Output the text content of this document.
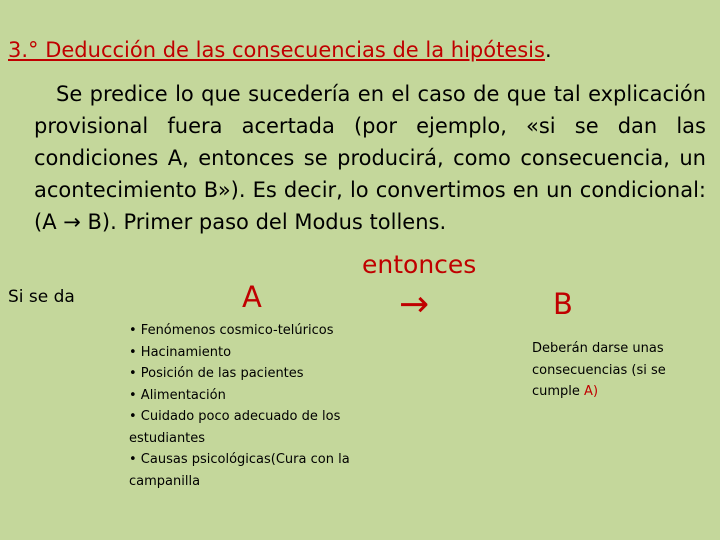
3.° Deducción de las consecuencias de la hipótesis.
Se predice lo que sucedería en el caso de que tal explicación provisional fuera acertada (por ejemplo, «si se dan las condiciones A, entonces se producirá, como consecuencia, un acontecimiento B»). Es decir, lo convertimos en un condicional: (A → B). Primer paso del Modus tollens.
entonces
Si se da	A	→	B

• Fenómenos cosmico-telúricos

• Hacinamiento

• Posición de las pacientes

• Alimentación

• Cuidado poco adecuado de los estudiantes

• Causas psicológicas(Cura con la campanilla

Deberán darse unas consecuencias (si se cumple A)
